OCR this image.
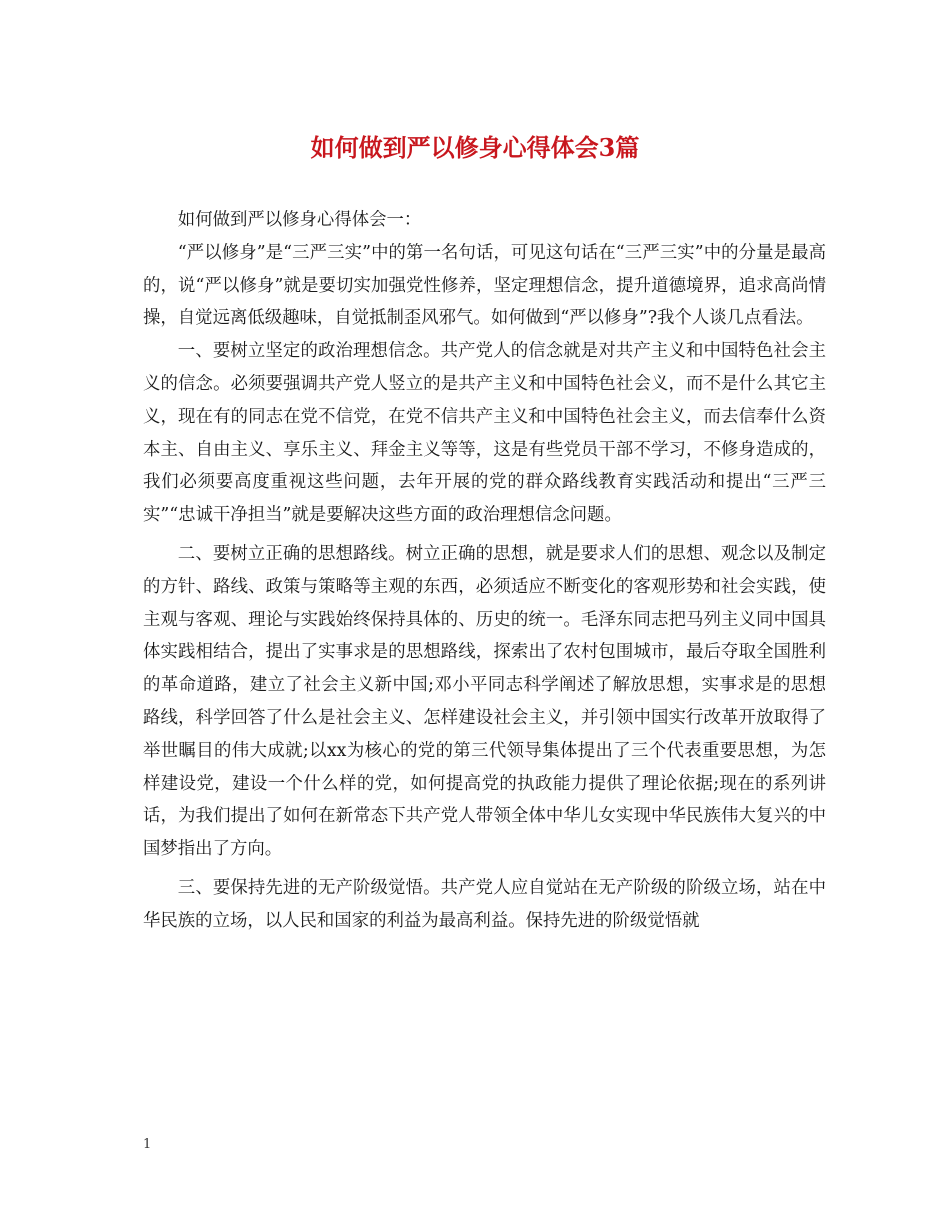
如何做到严以修身心得体会3篇

如何做到严以修身心得体会一：

“严以修身”是“三严三实”中的第一名句话，可见这句话在“三严三实”中的分量是最高的，说“严以修身”就是要切实加强党性修养，坚定理想信念，提升道德境界，追求高尚情操，自觉远离低级趣味，自觉抵制歪风邪气。如何做到“严以修身”?我个人谈几点看法。

一、要树立坚定的政治理想信念。共产党人的信念就是对共产主义和中国特色社会主义的信念。必须要强调共产党人竖立的是共产主义和中国特色社会义，而不是什么其它主义，现在有的同志在党不信党，在党不信共产主义和中国特色社会主义，而去信奉什么资本主、自由主义、享乐主义、拜金主义等等，这是有些党员干部不学习，不修身造成的，我们必须要高度重视这些问题，去年开展的党的群众路线教育实践活动和提出“三严三实”“忠诚干净担当”就是要解决这些方面的政治理想信念问题。

二、要树立正确的思想路线。树立正确的思想，就是要求人们的思想、观念以及制定的方针、路线、政策与策略等主观的东西，必须适应不断变化的客观形势和社会实践，使主观与客观、理论与实践始终保持具体的、历史的统一。毛泽东同志把马列主义同中国具体实践相结合，提出了实事求是的思想路线，探索出了农村包围城市，最后夺取全国胜利的革命道路，建立了社会主义新中国;邓小平同志科学阐述了解放思想，实事求是的思想路线，科学回答了什么是社会主义、怎样建设社会主义，并引领中国实行改革开放取得了举世瞩目的伟大成就;以xx为核心的党的第三代领导集体提出了三个代表重要思想，为怎样建设党，建设一个什么样的党，如何提高党的执政能力提供了理论依据;现在的系列讲话，为我们提出了如何在新常态下共产党人带领全体中华儿女实现中华民族伟大复兴的中国梦指出了方向。

三、要保持先进的无产阶级觉悟。共产党人应自觉站在无产阶级的阶级立场，站在中华民族的立场，以人民和国家的利益为最高利益。保持先进的阶级觉悟就

1
